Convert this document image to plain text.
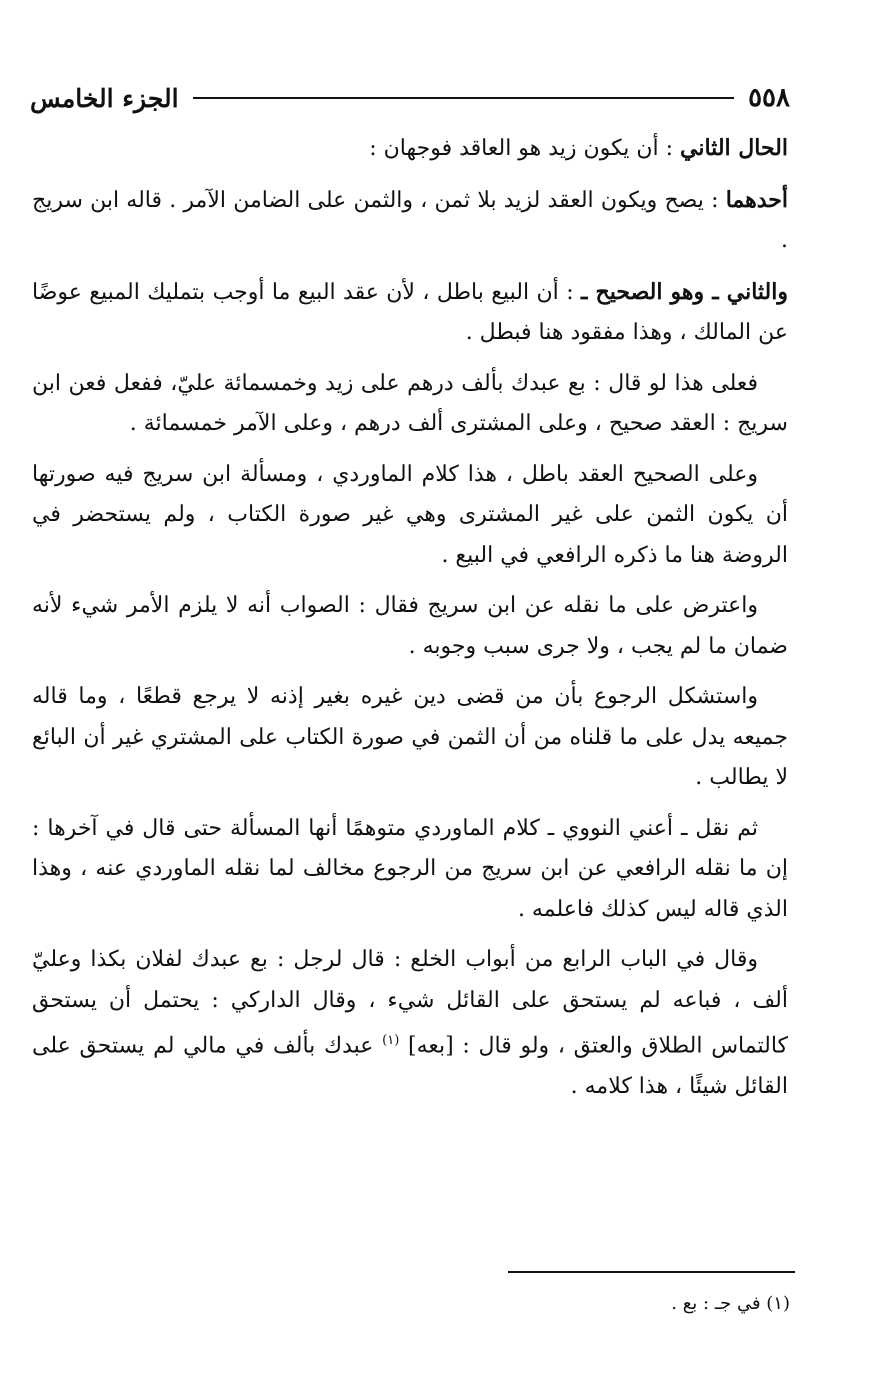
٥٥٨
الجزء الخامس

الحال الثاني : أن يكون زيد هو العاقد فوجهان :

أحدهما : يصح ويكون العقد لزيد بلا ثمن ، والثمن على الضامن الآمر . قاله ابن سريج .

والثاني ـ وهو الصحيح ـ : أن البيع باطل ، لأن عقد البيع ما أوجب بتمليك المبيع عوضًا عن المالك ، وهذا مفقود هنا فبطل .

فعلى هذا لو قال : بع عبدك بألف درهم على زيد وخمسمائة عليّ، ففعل فعن ابن سريج : العقد صحيح ، وعلى المشترى ألف درهم ، وعلى الآمر خمسمائة .

وعلى الصحيح العقد باطل ، هذا كلام الماوردي ، ومسألة ابن سريج فيه صورتها أن يكون الثمن على غير المشترى وهي غير صورة الكتاب ، ولم يستحضر في الروضة هنا ما ذكره الرافعي في البيع .

واعترض على ما نقله عن ابن سريج فقال : الصواب أنه لا يلزم الأمر شيء لأنه ضمان ما لم يجب ، ولا جرى سبب وجوبه .

واستشكل الرجوع بأن من قضى دين غيره بغير إذنه لا يرجع قطعًا ، وما قاله جميعه يدل على ما قلناه من أن الثمن في صورة الكتاب على المشتري غير أن البائع لا يطالب .

ثم نقل ـ أعني النووي ـ كلام الماوردي متوهمًا أنها المسألة حتى قال في آخرها : إن ما نقله الرافعي عن ابن سريج من الرجوع مخالف لما نقله الماوردي عنه ، وهذا الذي قاله ليس كذلك فاعلمه .

وقال في الباب الرابع من أبواب الخلع : قال لرجل : بع عبدك لفلان بكذا وعليّ ألف ، فباعه لم يستحق على القائل شيء ، وقال الداركي : يحتمل أن يستحق كالتماس الطلاق والعتق ، ولو قال : [بعه] $^{(١)}$ عبدك بألف في مالي لم يستحق على القائل شيئًا ، هذا كلامه .

(١) في جـ : بع .
